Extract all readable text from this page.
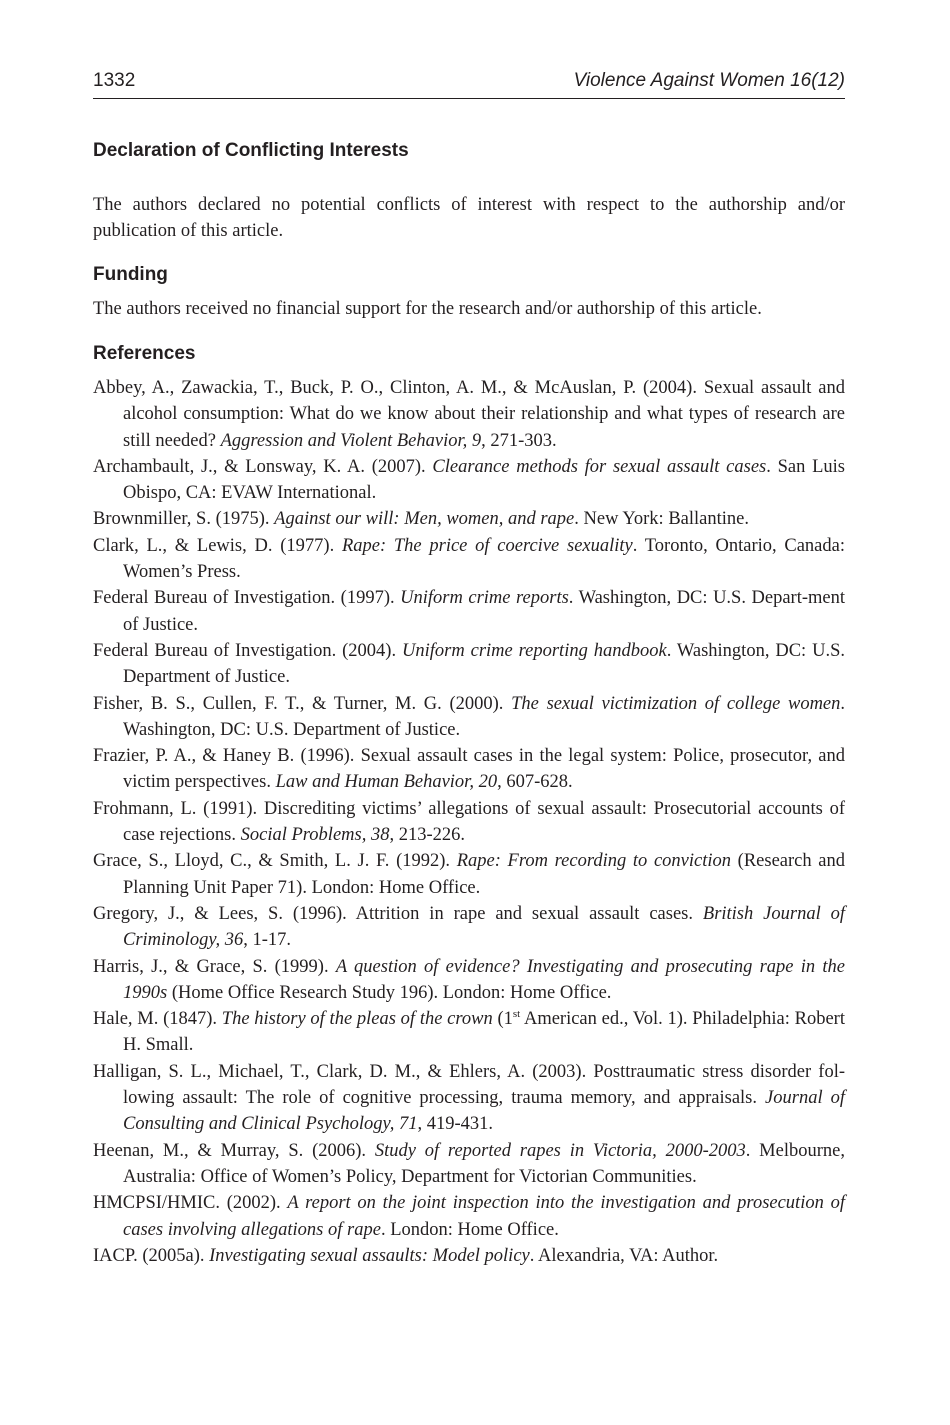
1332	Violence Against Women 16(12)
Declaration of Conflicting Interests

The authors declared no potential conflicts of interest with respect to the authorship and/or publication of this article.

Funding

The authors received no financial support for the research and/or authorship of this article.

References

Abbey, A., Zawackia, T., Buck, P. O., Clinton, A. M., & McAuslan, P. (2004). Sexual assault and alcohol consumption: What do we know about their relationship and what types of research are still needed? Aggression and Violent Behavior, 9, 271-303.

Archambault, J., & Lonsway, K. A. (2007). Clearance methods for sexual assault cases. San Luis Obispo, CA: EVAW International.

Brownmiller, S. (1975). Against our will: Men, women, and rape. New York: Ballantine.

Clark, L., & Lewis, D. (1977). Rape: The price of coercive sexuality. Toronto, Ontario, Canada: Women’s Press.

Federal Bureau of Investigation. (1997). Uniform crime reports. Washington, DC: U.S. Depart-ment of Justice.

Federal Bureau of Investigation. (2004). Uniform crime reporting handbook. Washington, DC: U.S. Department of Justice.

Fisher, B. S., Cullen, F. T., & Turner, M. G. (2000). The sexual victimization of college women. Washington, DC: U.S. Department of Justice.

Frazier, P. A., & Haney B. (1996). Sexual assault cases in the legal system: Police, prosecutor, and victim perspectives. Law and Human Behavior, 20, 607-628.

Frohmann, L. (1991). Discrediting victims’ allegations of sexual assault: Prosecutorial accounts of case rejections. Social Problems, 38, 213-226.

Grace, S., Lloyd, C., & Smith, L. J. F. (1992). Rape: From recording to conviction (Research and Planning Unit Paper 71). London: Home Office.

Gregory, J., & Lees, S. (1996). Attrition in rape and sexual assault cases. British Journal of Criminology, 36, 1-17.

Harris, J., & Grace, S. (1999). A question of evidence? Investigating and prosecuting rape in the 1990s (Home Office Research Study 196). London: Home Office.

Hale, M. (1847). The history of the pleas of the crown (1st American ed., Vol. 1). Philadelphia: Robert H. Small.

Halligan, S. L., Michael, T., Clark, D. M., & Ehlers, A. (2003). Posttraumatic stress disorder fol-lowing assault: The role of cognitive processing, trauma memory, and appraisals. Journal of Consulting and Clinical Psychology, 71, 419-431.

Heenan, M., & Murray, S. (2006). Study of reported rapes in Victoria, 2000-2003. Melbourne, Australia: Office of Women’s Policy, Department for Victorian Communities.

HMCPSI/HMIC. (2002). A report on the joint inspection into the investigation and prosecution of cases involving allegations of rape. London: Home Office.

IACP. (2005a). Investigating sexual assaults: Model policy. Alexandria, VA: Author.
